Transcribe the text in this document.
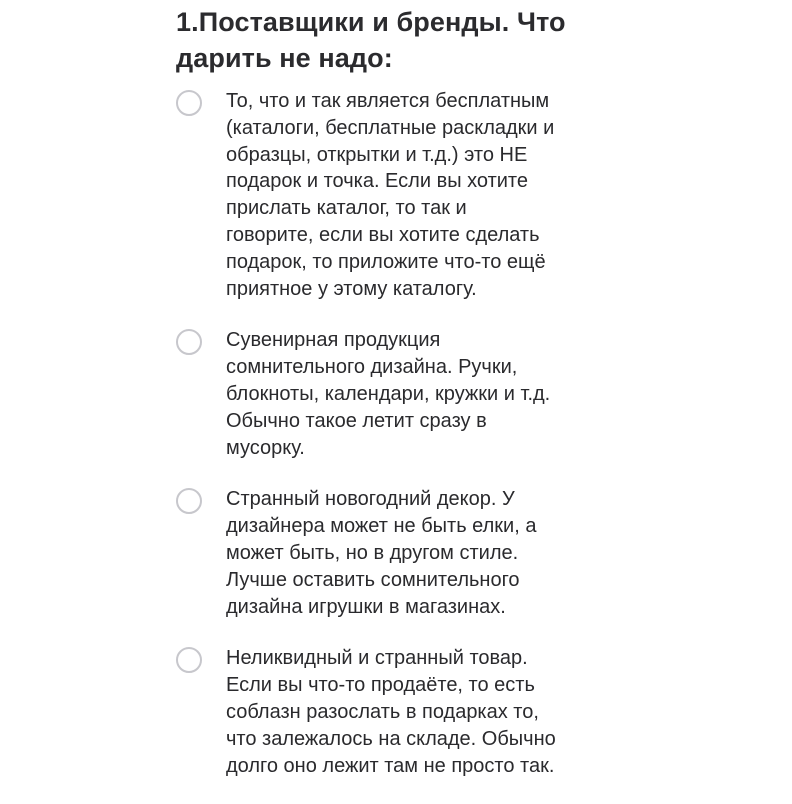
1.Поставщики и бренды. Что
дарить не надо:
То, что и так является бесплатным
(каталоги, бесплатные раскладки и
образцы, открытки и т.д.) это НЕ
подарок и точка. Если вы хотите
прислать каталог, то так и
говорите, если вы хотите сделать
подарок, то приложите что-то ещё
приятное у этому каталогу.
Сувенирная продукция
сомнительного дизайна. Ручки,
блокноты, календари, кружки и т.д.
Обычно такое летит сразу в
мусорку.
Странный новогодний декор. У
дизайнера может не быть елки, а
может быть, но в другом стиле.
Лучше оставить сомнительного
дизайна игрушки в магазинах.
Неликвидный и странный товар.
Если вы что-то продаёте, то есть
соблазн разослать в подарках то,
что залежалось на складе. Обычно
долго оно лежит там не просто так.
